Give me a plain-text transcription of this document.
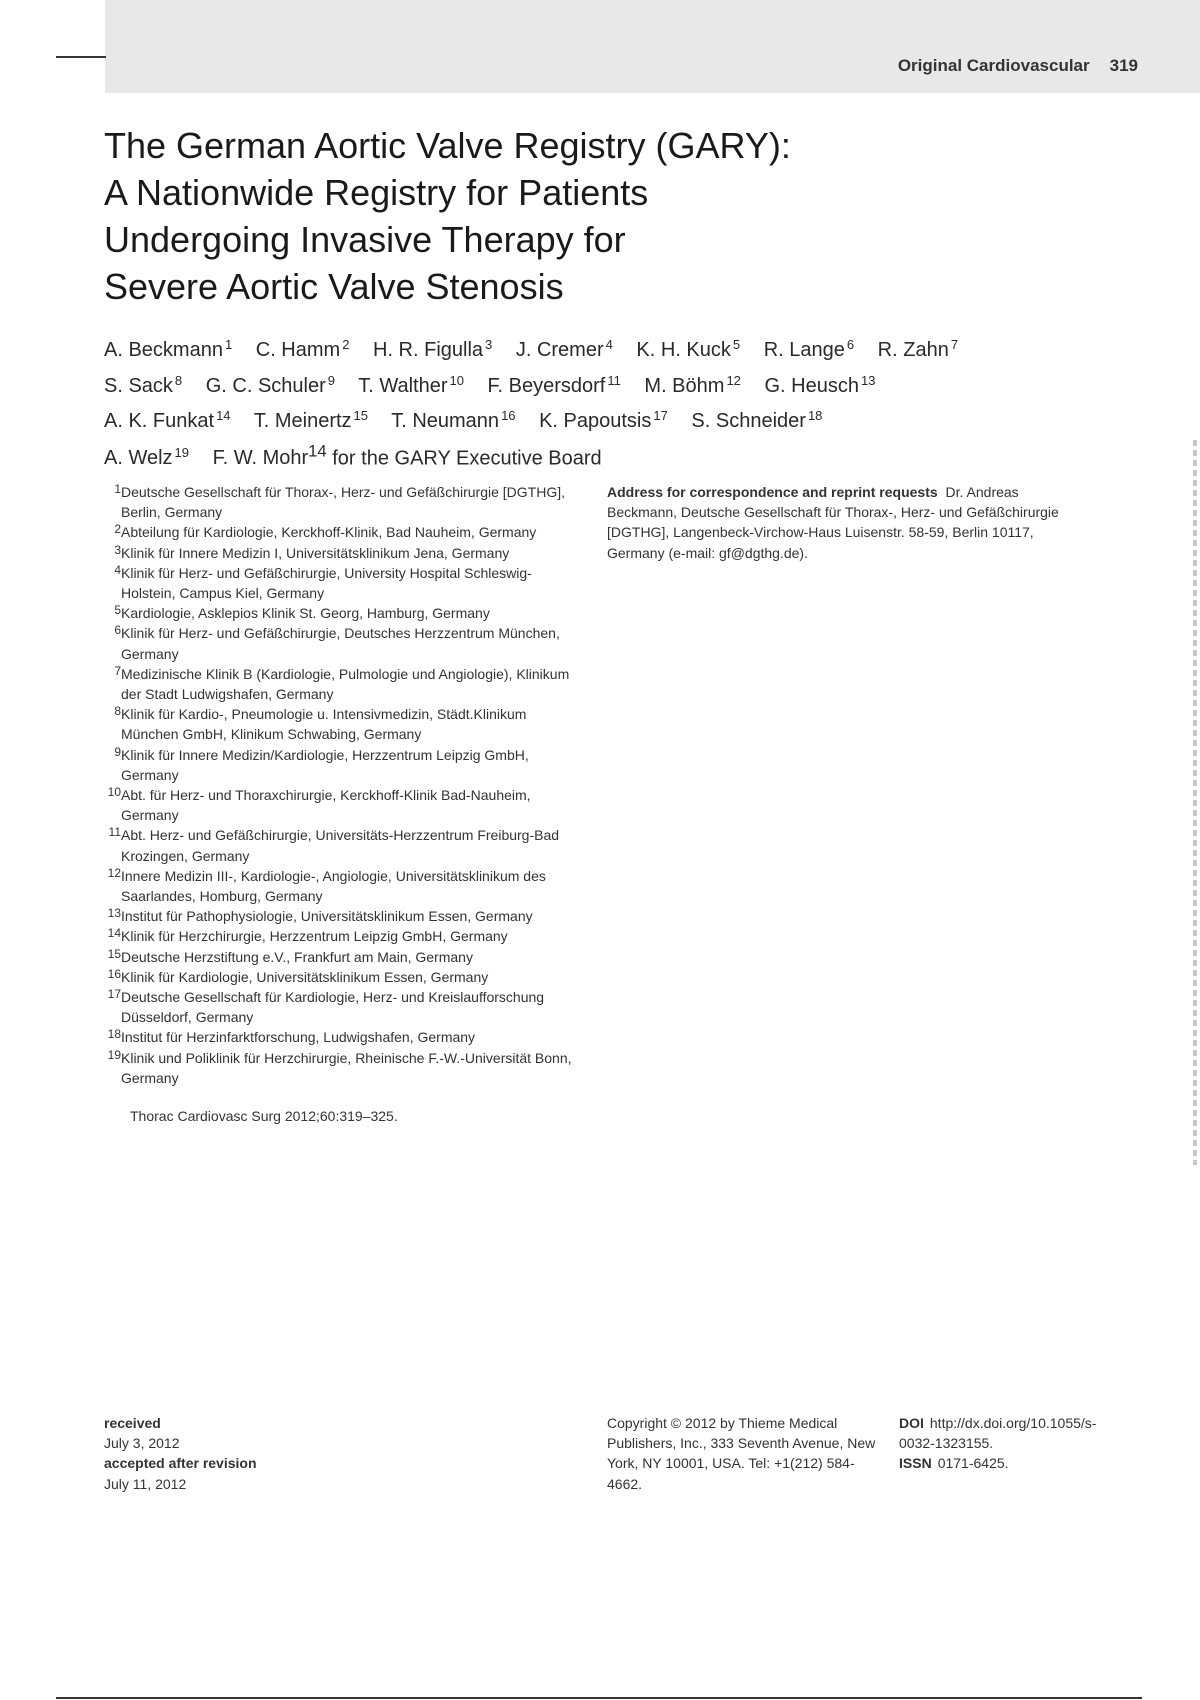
Original Cardiovascular 319
The German Aortic Valve Registry (GARY):
A Nationwide Registry for Patients
Undergoing Invasive Therapy for
Severe Aortic Valve Stenosis
A. Beckmann $^1$ C. Hamm $^2$ H. R. Figulla $^3$ J. Cremer $^4$ K. H. Kuck $^5$ R. Lange $^6$ R. Zahn $^7$
S. Sack $^8$ G. C. Schuler $^9$ T. Walther $^{10}$ F. Beyersdorf $^{11}$ M. Böhm $^{12}$ G. Heusch $^{13}$
A. K. Funkat $^{14}$ T. Meinertz $^{15}$ T. Neumann $^{16}$ K. Papoutsis $^{17}$ S. Schneider $^{18}$
A. Welz $^{19}$ F. W. Mohr$^{14}$ for the GARY Executive Board
1 Deutsche Gesellschaft für Thorax-, Herz- und Gefäßchirurgie [DGTHG], Berlin, Germany
2 Abteilung für Kardiologie, Kerckhoff-Klinik, Bad Nauheim, Germany
3 Klinik für Innere Medizin I, Universitätsklinikum Jena, Germany
4 Klinik für Herz- und Gefäßchirurgie, University Hospital Schleswig-Holstein, Campus Kiel, Germany
5 Kardiologie, Asklepios Klinik St. Georg, Hamburg, Germany
6 Klinik für Herz- und Gefäßchirurgie, Deutsches Herzzentrum München, Germany
7 Medizinische Klinik B (Kardiologie, Pulmologie und Angiologie), Klinikum der Stadt Ludwigshafen, Germany
8 Klinik für Kardio-, Pneumologie u. Intensivmedizin, Städt.Klinikum München GmbH, Klinikum Schwabing, Germany
9 Klinik für Innere Medizin/Kardiologie, Herzzentrum Leipzig GmbH, Germany
10 Abt. für Herz- und Thoraxchirurgie, Kerckhoff-Klinik Bad-Nauheim, Germany
11 Abt. Herz- und Gefäßchirurgie, Universitäts-Herzzentrum Freiburg-Bad Krozingen, Germany
12 Innere Medizin III-, Kardiologie-, Angiologie, Universitätsklinikum des Saarlandes, Homburg, Germany
13 Institut für Pathophysiologie, Universitätsklinikum Essen, Germany
14 Klinik für Herzchirurgie, Herzzentrum Leipzig GmbH, Germany
15 Deutsche Herzstiftung e.V., Frankfurt am Main, Germany
16 Klinik für Kardiologie, Universitätsklinikum Essen, Germany
17 Deutsche Gesellschaft für Kardiologie, Herz- und Kreislaufforschung Düsseldorf, Germany
18 Institut für Herzinfarktforschung, Ludwigshafen, Germany
19 Klinik und Poliklinik für Herzchirurgie, Rheinische F.-W.-Universität Bonn, Germany
Thorac Cardiovasc Surg 2012;60:319–325.
Address for correspondence and reprint requests Dr. Andreas Beckmann, Deutsche Gesellschaft für Thorax-, Herz- und Gefäßchirurgie [DGTHG], Langenbeck-Virchow-Haus Luisenstr. 58-59, Berlin 10117, Germany (e-mail: gf@dgthg.de).
received
July 3, 2012
accepted after revision
July 11, 2012
Copyright © 2012 by Thieme Medical Publishers, Inc., 333 Seventh Avenue, New York, NY 10001, USA. Tel: +1(212) 584-4662.
DOI http://dx.doi.org/10.1055/s-0032-1323155.
ISSN 0171-6425.
